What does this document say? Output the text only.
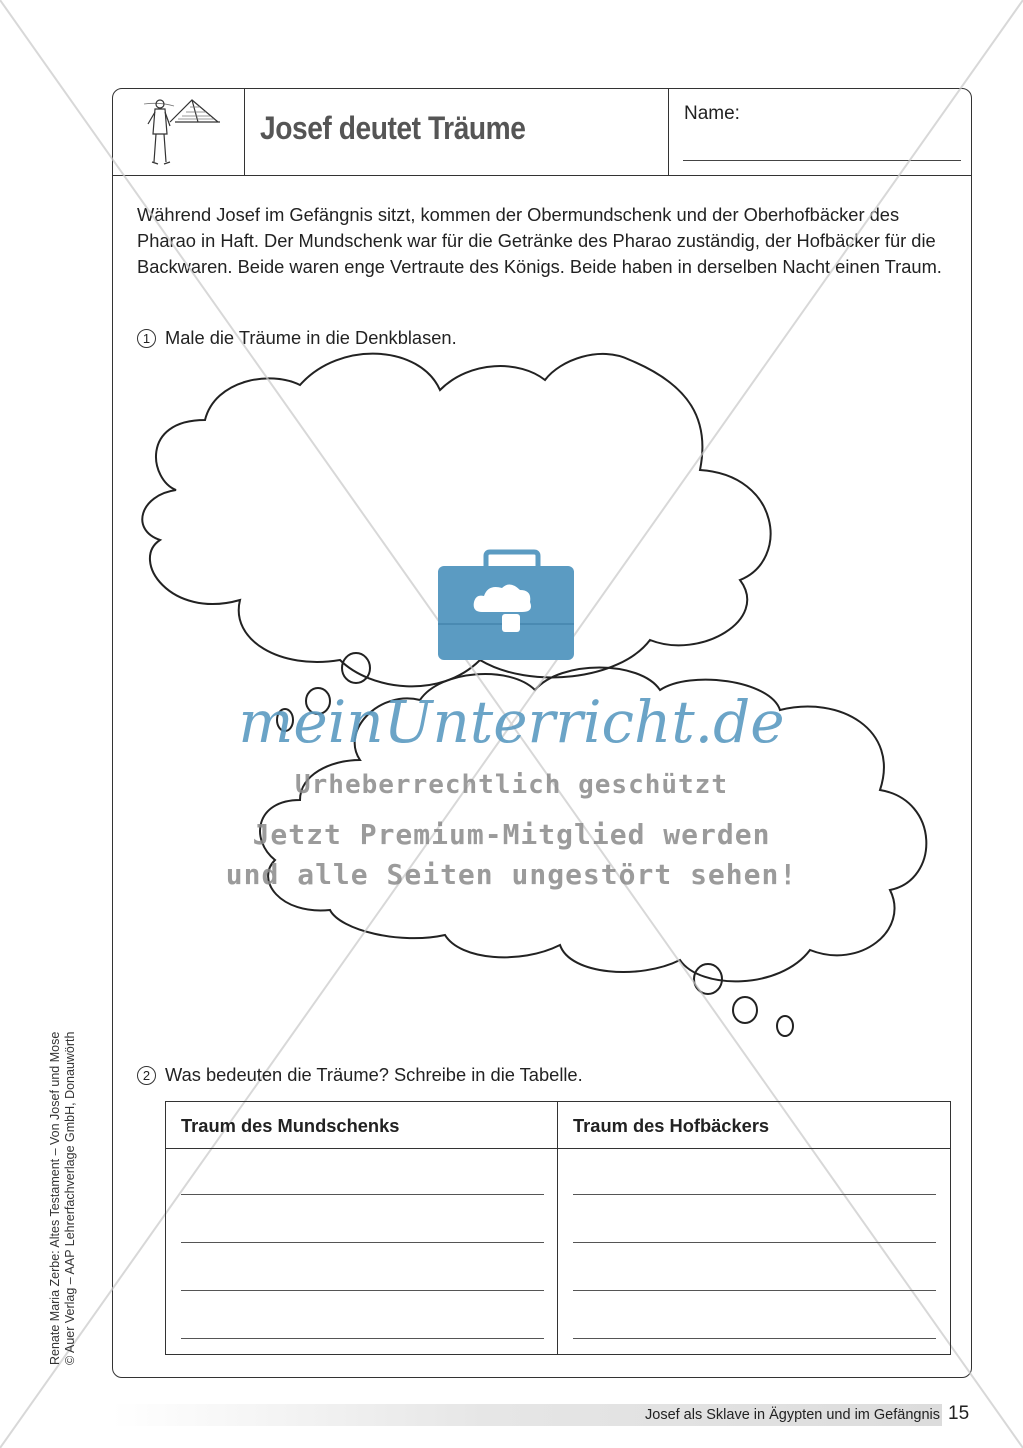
Josef deutet Träume	Name:
Während Josef im Gefängnis sitzt, kommen der Obermundschenk und der Oberhofbäcker des Pharao in Haft. Der Mundschenk war für die Getränke des Pharao zuständig, der Hofbäcker für die Backwaren. Beide waren enge Vertraute des Königs. Beide haben in derselben Nacht einen Traum.
1 Male die Träume in die Denkblasen.
meinUnterricht.de
Urheberrechtlich geschützt
Jetzt Premium-Mitglied werden
und alle Seiten ungestört sehen!
2 Was bedeuten die Träume? Schreibe in die Tabelle.
Traum des Mundschenks	Traum des Hofbäckers
Renate Maria Zerbe: Altes Testament – Von Josef und Mose © Auer Verlag – AAP Lehrerfachverlage GmbH, Donauwörth
Josef als Sklave in Ägypten und im Gefängnis 15
